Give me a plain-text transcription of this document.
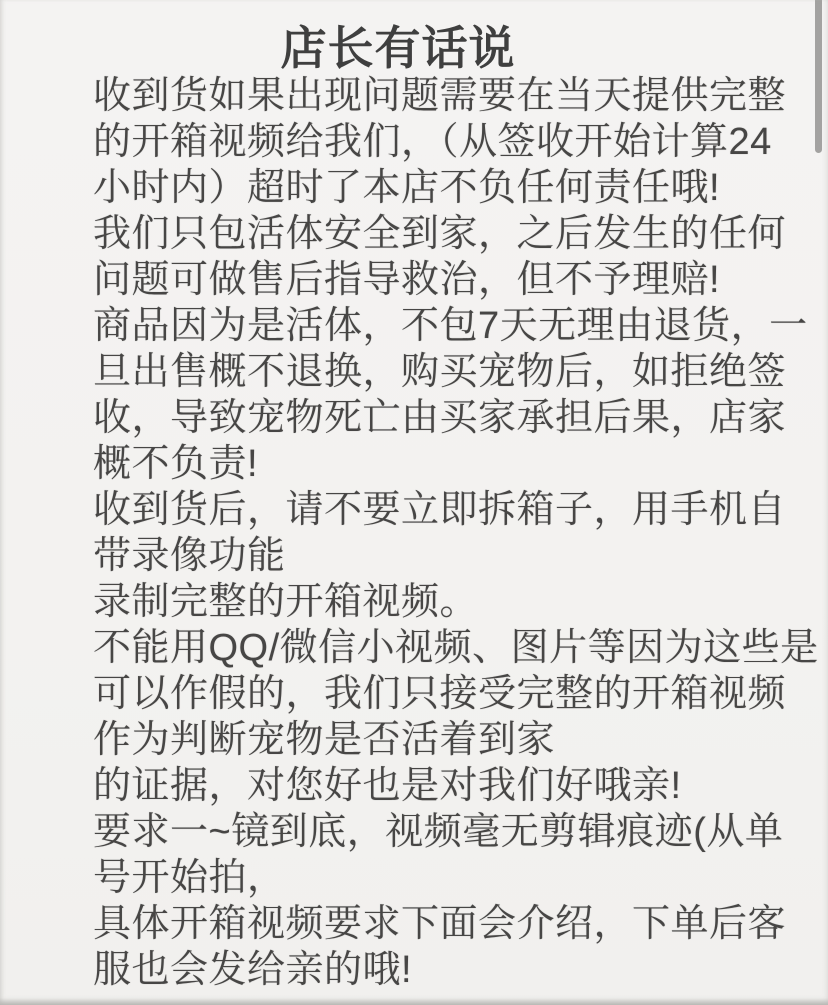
店长有话说
收到货如果出现问题需要在当天提供完整
的开箱视频给我们，（从签收开始计算24
小时内）超时了本店不负任何责任哦!
我们只包活体安全到家，之后发生的任何
问题可做售后指导救治，但不予理赔!
商品因为是活体，不包7天无理由退货，一
旦出售概不退换，购买宠物后，如拒绝签
收，导致宠物死亡由买家承担后果，店家
概不负责!
收到货后，请不要立即拆箱子，用手机自
带录像功能
录制完整的开箱视频。
不能用QQ/微信小视频、图片等因为这些是
可以作假的，我们只接受完整的开箱视频
作为判断宠物是否活着到家
的证据，对您好也是对我们好哦亲!
要求一~镜到底，视频毫无剪辑痕迹(从单
号开始拍，
具体开箱视频要求下面会介绍，下单后客
服也会发给亲的哦!
